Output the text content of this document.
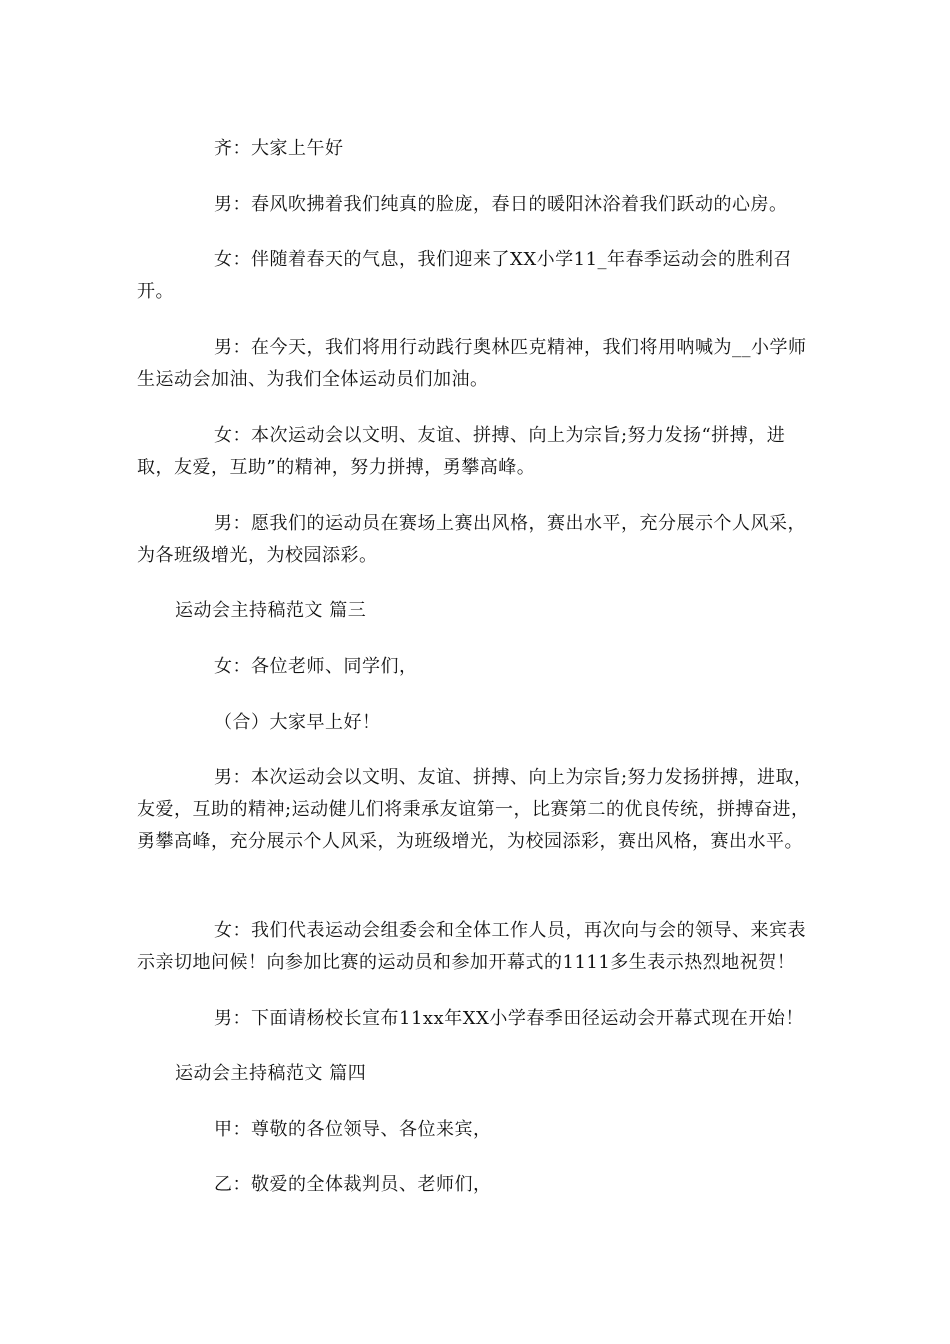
齐：大家上午好

男：春风吹拂着我们纯真的脸庞，春日的暖阳沐浴着我们跃动的心房。

女：伴随着春天的气息，我们迎来了XX小学11_年春季运动会的胜利召开。

男：在今天，我们将用行动践行奥林匹克精神，我们将用呐喊为__小学师生运动会加油、为我们全体运动员们加油。

女：本次运动会以文明、友谊、拼搏、向上为宗旨;努力发扬“拼搏，进取，友爱，互助”的精神，努力拼搏，勇攀高峰。

男：愿我们的运动员在赛场上赛出风格，赛出水平，充分展示个人风采，为各班级增光，为校园添彩。

运动会主持稿范文 篇三

女：各位老师、同学们，

（合）大家早上好！

男：本次运动会以文明、友谊、拼搏、向上为宗旨;努力发扬拼搏，进取，友爱，互助的精神;运动健儿们将秉承友谊第一，比赛第二的优良传统，拼搏奋进，勇攀高峰，充分展示个人风采，为班级增光，为校园添彩，赛出风格，赛出水平。

女：我们代表运动会组委会和全体工作人员，再次向与会的领导、来宾表示亲切地问候！向参加比赛的运动员和参加开幕式的1111多生表示热烈地祝贺！

男：下面请杨校长宣布11xx年XX小学春季田径运动会开幕式现在开始！

运动会主持稿范文 篇四

甲：尊敬的各位领导、各位来宾，

乙：敬爱的全体裁判员、老师们，
